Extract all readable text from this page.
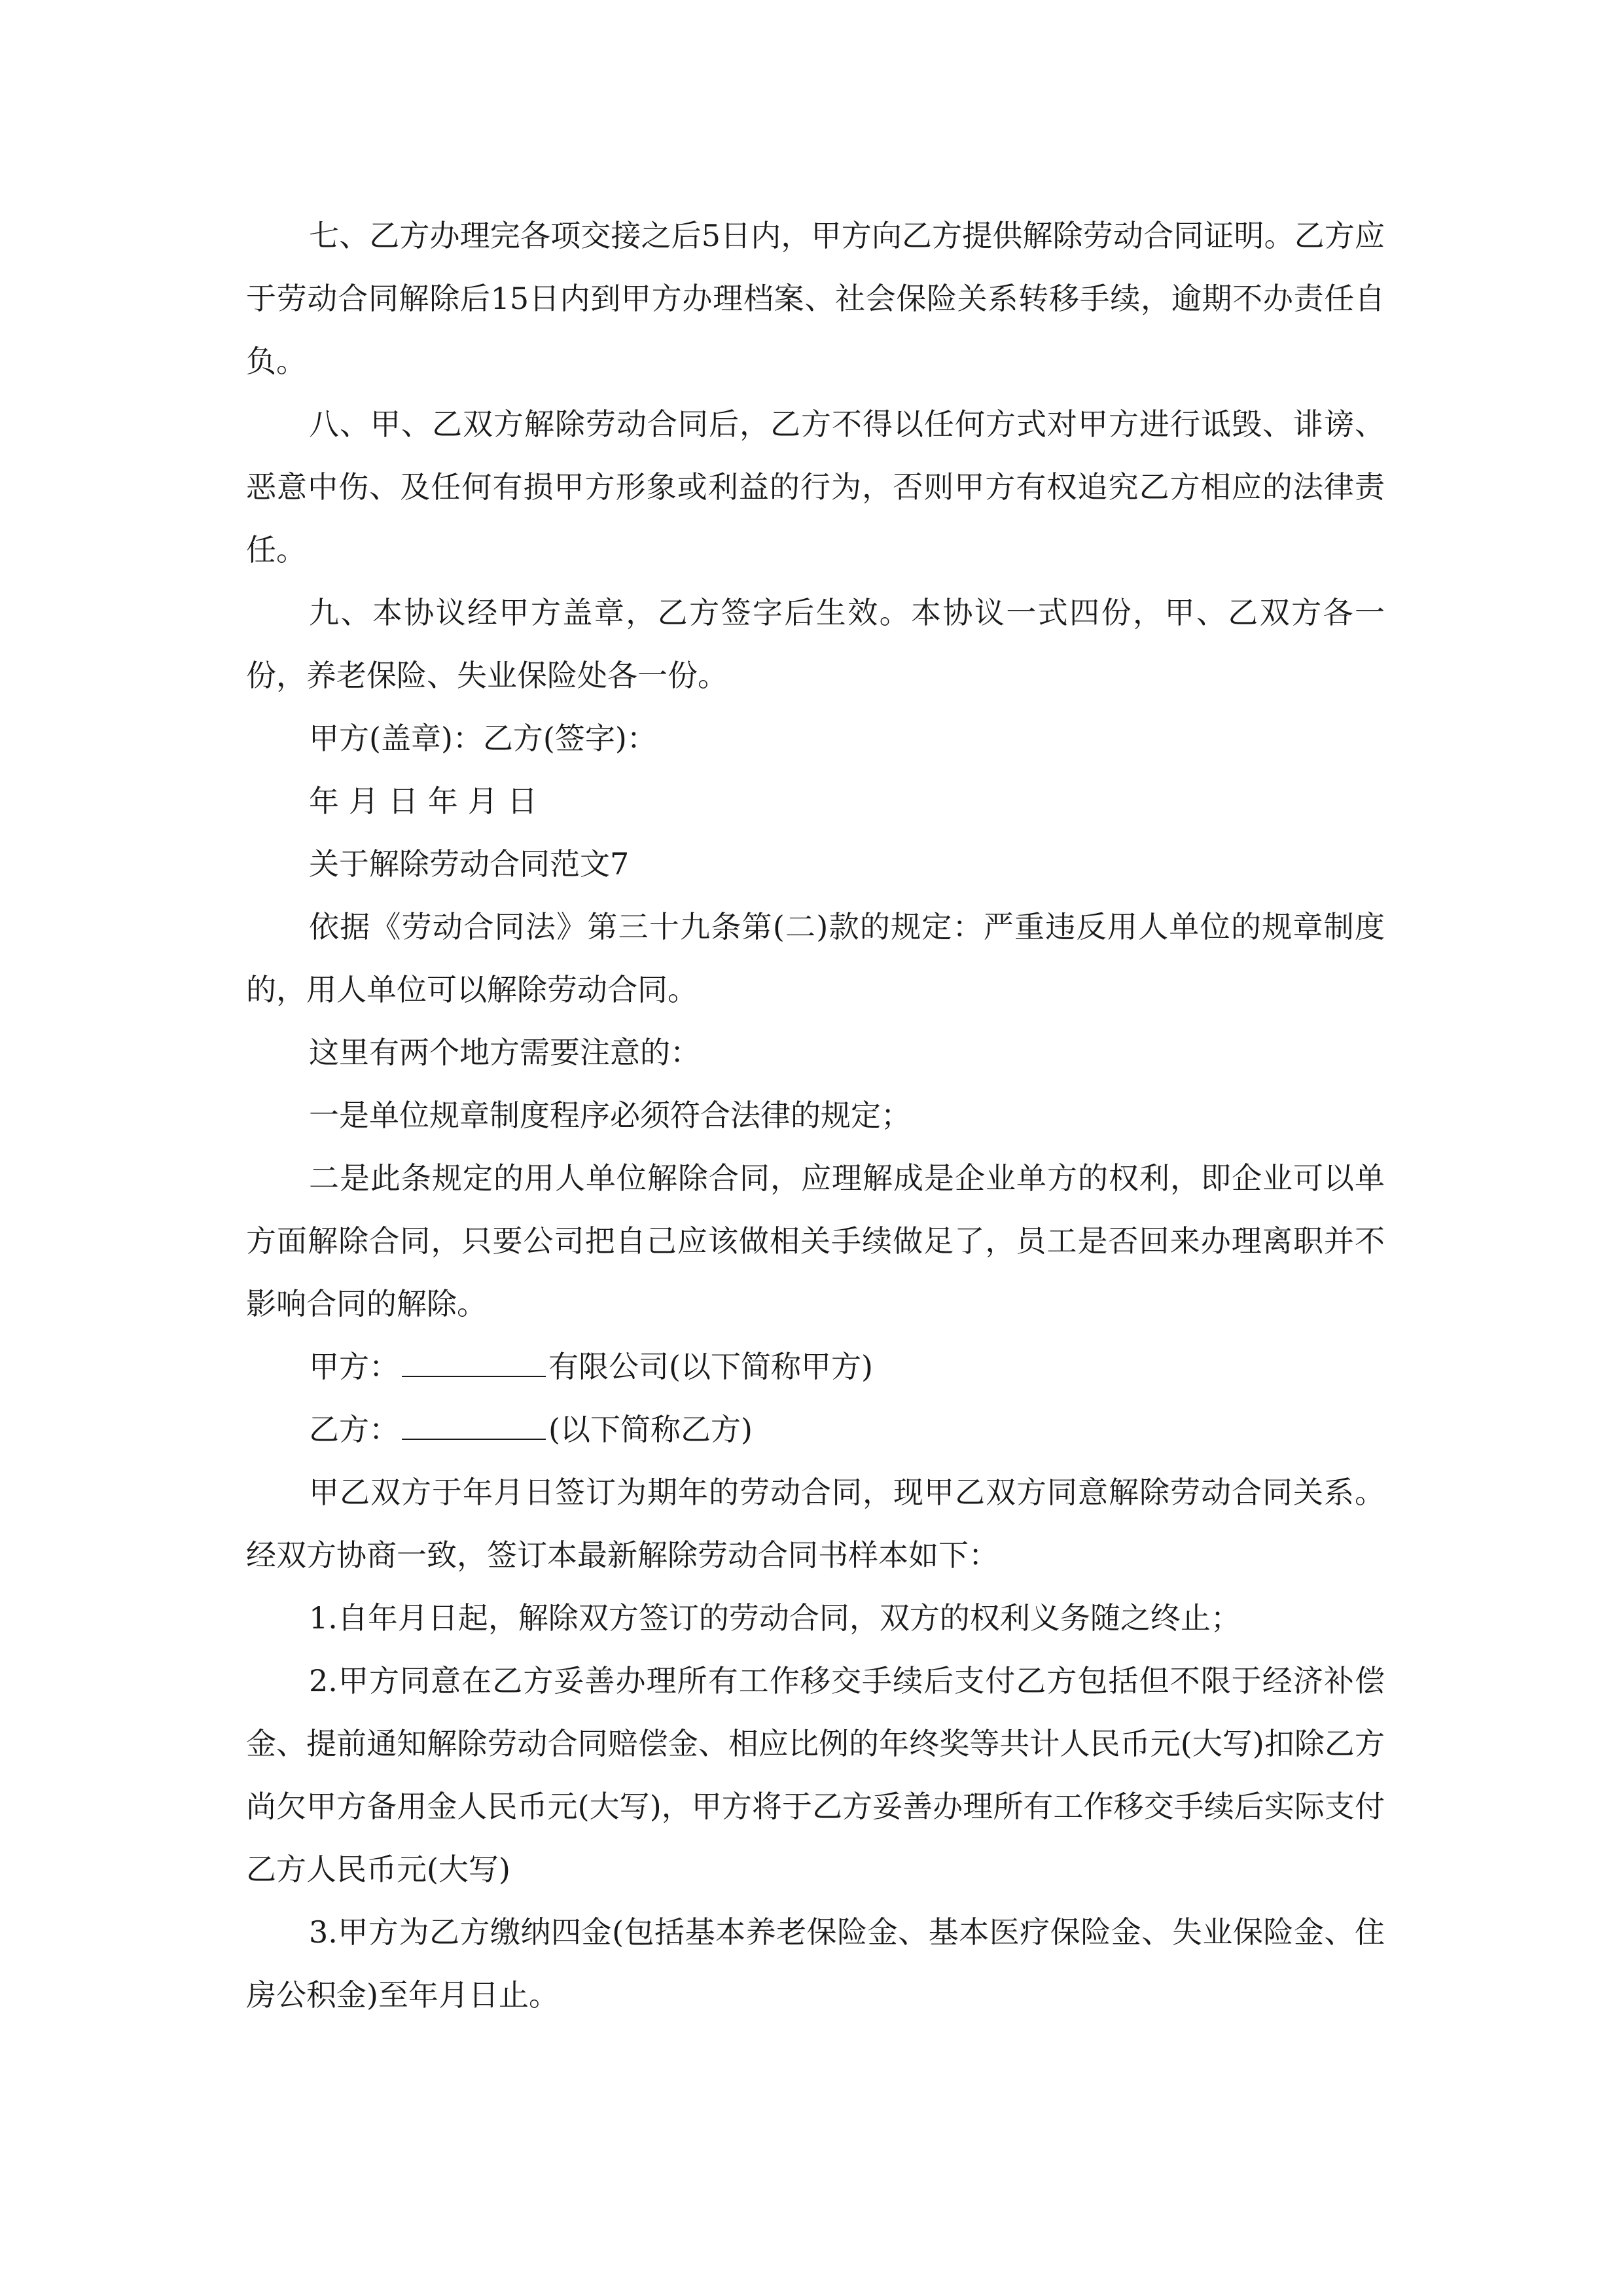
七、乙方办理完各项交接之后5日内，甲方向乙方提供解除劳动合同证明。乙方应于劳动合同解除后15日内到甲方办理档案、社会保险关系转移手续，逾期不办责任自负。

八、甲、乙双方解除劳动合同后，乙方不得以任何方式对甲方进行诋毁、诽谤、恶意中伤、及任何有损甲方形象或利益的行为，否则甲方有权追究乙方相应的法律责任。

九、本协议经甲方盖章，乙方签字后生效。本协议一式四份，甲、乙双方各一份，养老保险、失业保险处各一份。

甲方(盖章)：乙方(签字)：

年 月 日 年 月 日

关于解除劳动合同范文7

依据《劳动合同法》第三十九条第(二)款的规定：严重违反用人单位的规章制度的，用人单位可以解除劳动合同。

这里有两个地方需要注意的：

一是单位规章制度程序必须符合法律的规定；

二是此条规定的用人单位解除合同，应理解成是企业单方的权利，即企业可以单方面解除合同，只要公司把自己应该做相关手续做足了，员工是否回来办理离职并不影响合同的解除。

甲方：	有限公司(以下简称甲方)

乙方：	(以下简称乙方)

甲乙双方于年月日签订为期年的劳动合同，现甲乙双方同意解除劳动合同关系。经双方协商一致，签订本最新解除劳动合同书样本如下：

1.自年月日起，解除双方签订的劳动合同，双方的权利义务随之终止；

2.甲方同意在乙方妥善办理所有工作移交手续后支付乙方包括但不限于经济补偿金、提前通知解除劳动合同赔偿金、相应比例的年终奖等共计人民币元(大写)扣除乙方尚欠甲方备用金人民币元(大写)，甲方将于乙方妥善办理所有工作移交手续后实际支付乙方人民币元(大写)

3.甲方为乙方缴纳四金(包括基本养老保险金、基本医疗保险金、失业保险金、住房公积金)至年月日止。
